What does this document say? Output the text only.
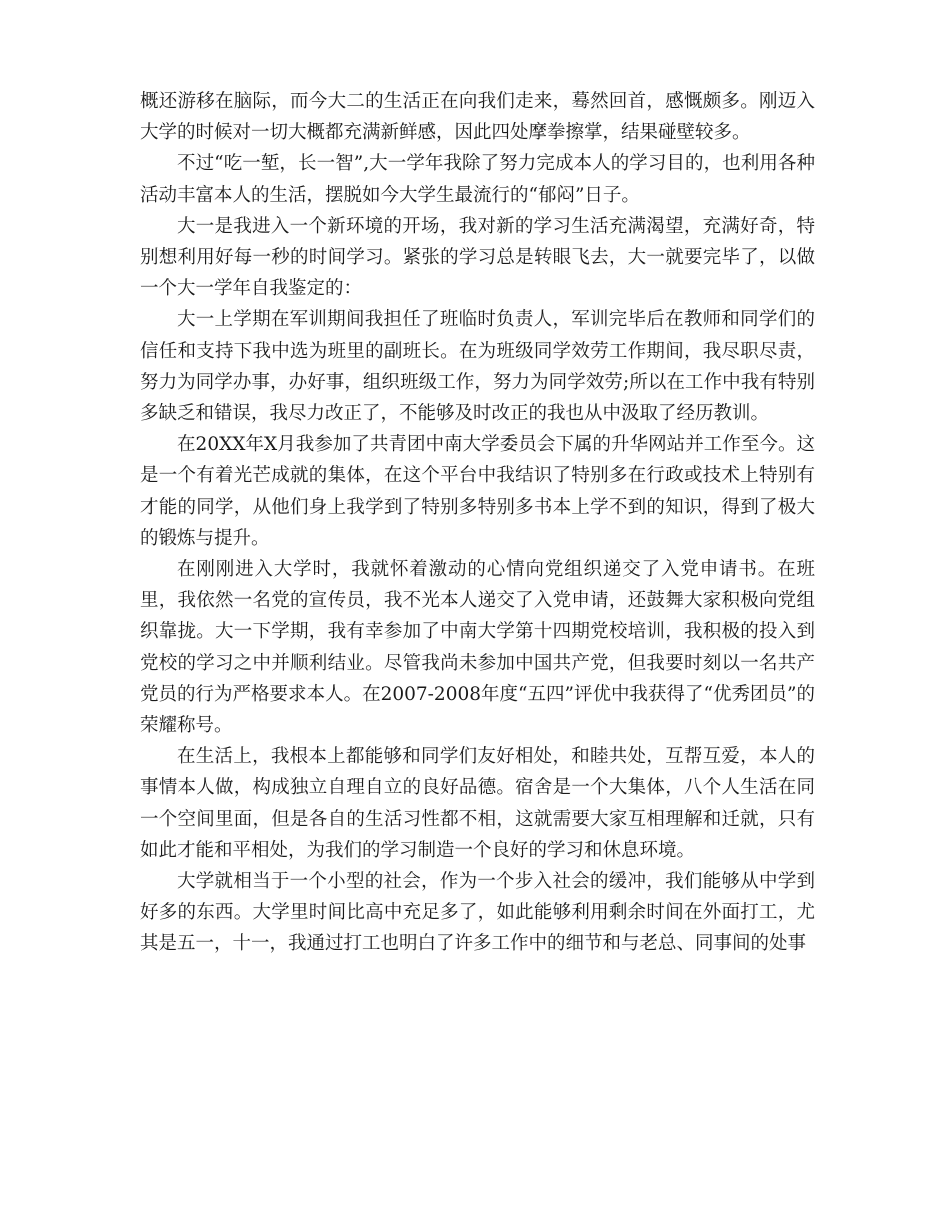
概还游移在脑际，而今大二的生活正在向我们走来，蓦然回首，感慨颇多。刚迈入大学的时候对一切大概都充满新鲜感，因此四处摩拳擦掌，结果碰壁较多。

不过“吃一堑，长一智”,大一学年我除了努力完成本人的学习目的，也利用各种活动丰富本人的生活，摆脱如今大学生最流行的“郁闷”日子。

大一是我进入一个新环境的开场，我对新的学习生活充满渴望，充满好奇，特别想利用好每一秒的时间学习。紧张的学习总是转眼飞去，大一就要完毕了，以做一个大一学年自我鉴定的：

大一上学期在军训期间我担任了班临时负责人，军训完毕后在教师和同学们的信任和支持下我中选为班里的副班长。在为班级同学效劳工作期间，我尽职尽责，努力为同学办事，办好事，组织班级工作，努力为同学效劳;所以在工作中我有特别多缺乏和错误，我尽力改正了，不能够及时改正的我也从中汲取了经历教训。

在20XX年X月我参加了共青团中南大学委员会下属的升华网站并工作至今。这是一个有着光芒成就的集体，在这个平台中我结识了特别多在行政或技术上特别有才能的同学，从他们身上我学到了特别多特别多书本上学不到的知识，得到了极大的锻炼与提升。

在刚刚进入大学时，我就怀着激动的心情向党组织递交了入党申请书。在班里，我依然一名党的宣传员，我不光本人递交了入党申请，还鼓舞大家积极向党组织靠拢。大一下学期，我有幸参加了中南大学第十四期党校培训，我积极的投入到党校的学习之中并顺利结业。尽管我尚未参加中国共产党，但我要时刻以一名共产党员的行为严格要求本人。在2007-2008年度“五四”评优中我获得了“优秀团员”的荣耀称号。

在生活上，我根本上都能够和同学们友好相处，和睦共处，互帮互爱，本人的事情本人做，构成独立自理自立的良好品德。宿舍是一个大集体，八个人生活在同一个空间里面，但是各自的生活习性都不相，这就需要大家互相理解和迁就，只有如此才能和平相处，为我们的学习制造一个良好的学习和休息环境。

大学就相当于一个小型的社会，作为一个步入社会的缓冲，我们能够从中学到好多的东西。大学里时间比高中充足多了，如此能够利用剩余时间在外面打工，尤其是五一，十一，我通过打工也明白了许多工作中的细节和与老总、同事间的处事
